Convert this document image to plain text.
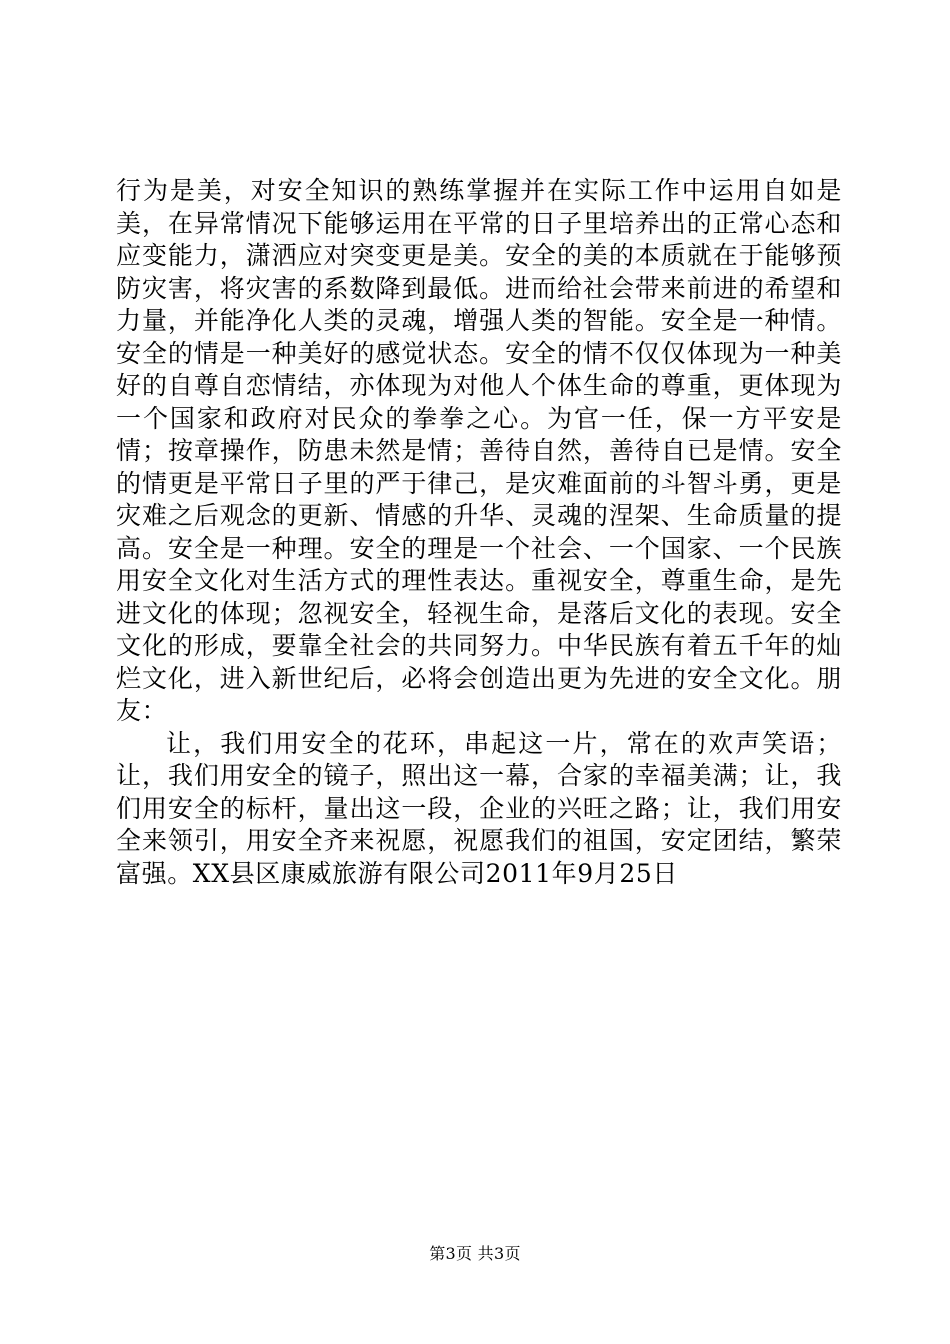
行为是美，对安全知识的熟练掌握并在实际工作中运用自如是美，在异常情况下能够运用在平常的日子里培养出的正常心态和应变能力，潇洒应对突变更是美。安全的美的本质就在于能够预防灾害，将灾害的系数降到最低。进而给社会带来前进的希望和力量，并能净化人类的灵魂，增强人类的智能。安全是一种情。安全的情是一种美好的感觉状态。安全的情不仅仅体现为一种美好的自尊自恋情结，亦体现为对他人个体生命的尊重，更体现为一个国家和政府对民众的拳拳之心。为官一任，保一方平安是情；按章操作，防患未然是情；善待自然，善待自已是情。安全的情更是平常日子里的严于律己，是灾难面前的斗智斗勇，更是灾难之后观念的更新、情感的升华、灵魂的涅架、生命质量的提高。安全是一种理。安全的理是一个社会、一个国家、一个民族用安全文化对生活方式的理性表达。重视安全，尊重生命，是先进文化的体现；忽视安全，轻视生命，是落后文化的表现。安全文化的形成，要靠全社会的共同努力。中华民族有着五千年的灿烂文化，进入新世纪后，必将会创造出更为先进的安全文化。朋友：

让，我们用安全的花环，串起这一片，常在的欢声笑语；让，我们用安全的镜子，照出这一幕，合家的幸福美满；让，我们用安全的标杆，量出这一段，企业的兴旺之路；让，我们用安全来领引，用安全齐来祝愿，祝愿我们的祖国，安定团结，繁荣富强。XX县区康威旅游有限公司2011年9月25日

第3页 共3页
